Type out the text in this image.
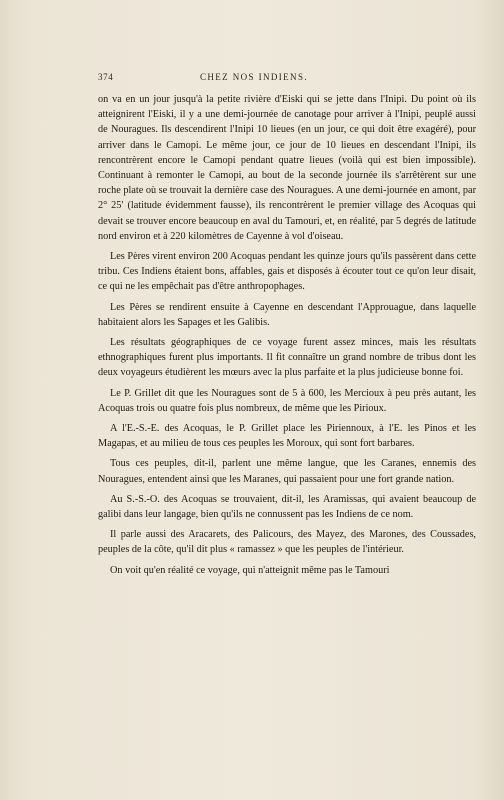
374	CHEZ NOS INDIENS.

on va en un jour jusqu'à la petite rivière d'Eiski qui se jette dans l'Inipi. Du point où ils atteignirent l'Eiski, il y a une demi-journée de canotage pour arriver à l'Inipi, peuplé aussi de Nouragues. Ils descendirent l'Inipi 10 lieues (en un jour, ce qui doit être exagéré), pour arriver dans le Camopi. Le même jour, ce jour de 10 lieues en descendant l'Inipi, ils rencontrèrent encore le Camopi pendant quatre lieues (voilà qui est bien impossible). Continuant à remonter le Camopi, au bout de la seconde journée ils s'arrêtèrent sur une roche plate où se trouvait la dernière case des Nouragues. A une demi-journée en amont, par 2° 25′ (latitude évidemment fausse), ils rencontrèrent le premier village des Acoquas qui devait se trouver encore beaucoup en aval du Tamouri, et, en réalité, par 5 degrés de latitude nord environ et à 220 kilomètres de Cayenne à vol d'oiseau.

Les Pères virent environ 200 Acoquas pendant les quinze jours qu'ils passèrent dans cette tribu. Ces Indiens étaient bons, affables, gais et disposés à écouter tout ce qu'on leur disait, ce qui ne les empêchait pas d'être anthropophages.

Les Pères se rendirent ensuite à Cayenne en descendant l'Approuague, dans laquelle habitaient alors les Sapages et les Galibis.

Les résultats géographiques de ce voyage furent assez minces, mais les résultats ethnographiques furent plus importants. Il fit connaître un grand nombre de tribus dont les deux voyageurs étudièrent les mœurs avec la plus parfaite et la plus judicieuse bonne foi.

Le P. Grillet dit que les Nouragues sont de 5 à 600, les Mercioux à peu près autant, les Acoquas trois ou quatre fois plus nombreux, de même que les Pirioux.

A l'E.-S.-E. des Acoquas, le P. Grillet place les Piriennoux, à l'E. les Pinos et les Magapas, et au milieu de tous ces peuples les Moroux, qui sont fort barbares.

Tous ces peuples, dit-il, parlent une même langue, que les Caranes, ennemis des Nouragues, entendent ainsi que les Maranes, qui passaient pour une fort grande nation.

Au S.-S.-O. des Acoquas se trouvaient, dit-il, les Aramissas, qui avaient beaucoup de galibi dans leur langage, bien qu'ils ne connussent pas les Indiens de ce nom.

Il parle aussi des Aracarets, des Palicours, des Mayez, des Marones, des Coussades, peuples de la côte, qu'il dit plus « ramassez » que les peuples de l'intérieur.

On voit qu'en réalité ce voyage, qui n'atteignit même pas le Tamouri
